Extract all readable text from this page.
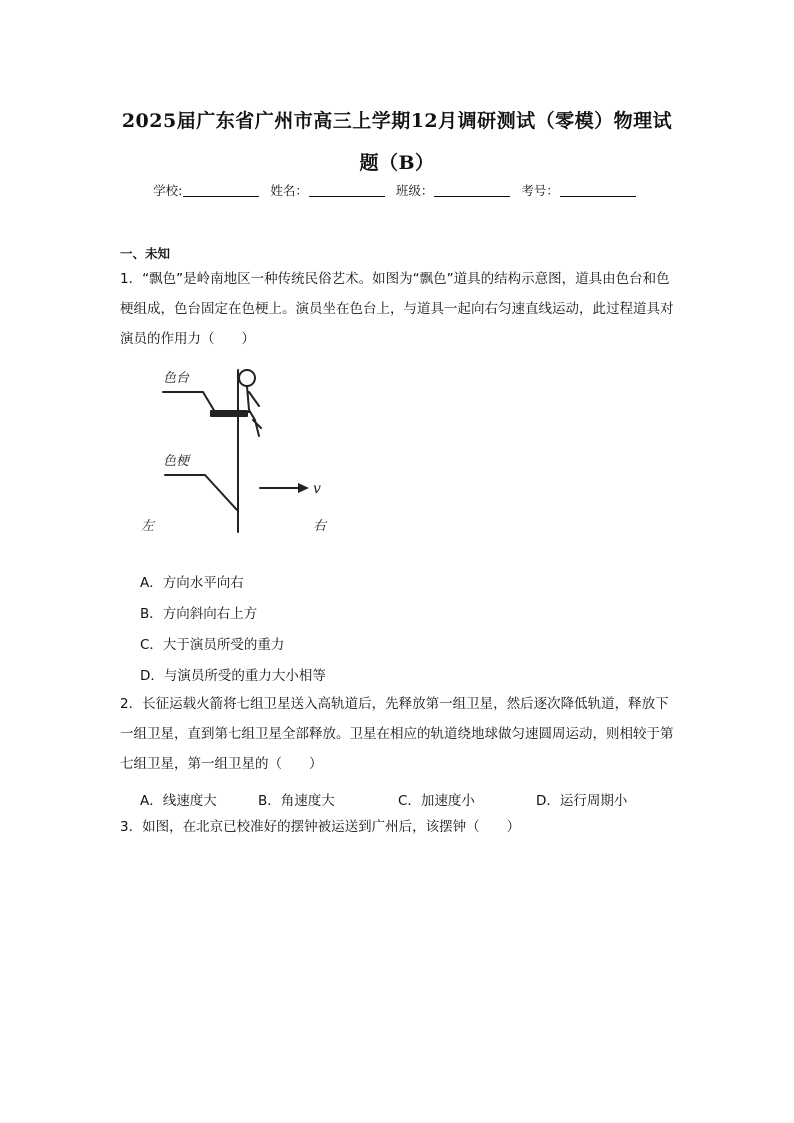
2025届广东省广州市高三上学期12月调研测试（零模）物理试
题（B）
学校:	姓名：	班级：	考号：
一、未知
1．“飘色”是岭南地区一种传统民俗艺术。如图为“飘色”道具的结构示意图，道具由色台和色梗组成，色台固定在色梗上。演员坐在色台上，与道具一起向右匀速直线运动，此过程道具对演员的作用力（　　）
色台
色梗
左	右
v
A．方向水平向右
B．方向斜向右上方
C．大于演员所受的重力
D．与演员所受的重力大小相等
2．长征运载火箭将七组卫星送入高轨道后，先释放第一组卫星，然后逐次降低轨道，释放下一组卫星，直到第七组卫星全部释放。卫星在相应的轨道绕地球做匀速圆周运动，则相较于第七组卫星，第一组卫星的（　　）
A．线速度大	B．角速度大	C．加速度小	D．运行周期小
3．如图，在北京已校准好的摆钟被运送到广州后，该摆钟（　　）
